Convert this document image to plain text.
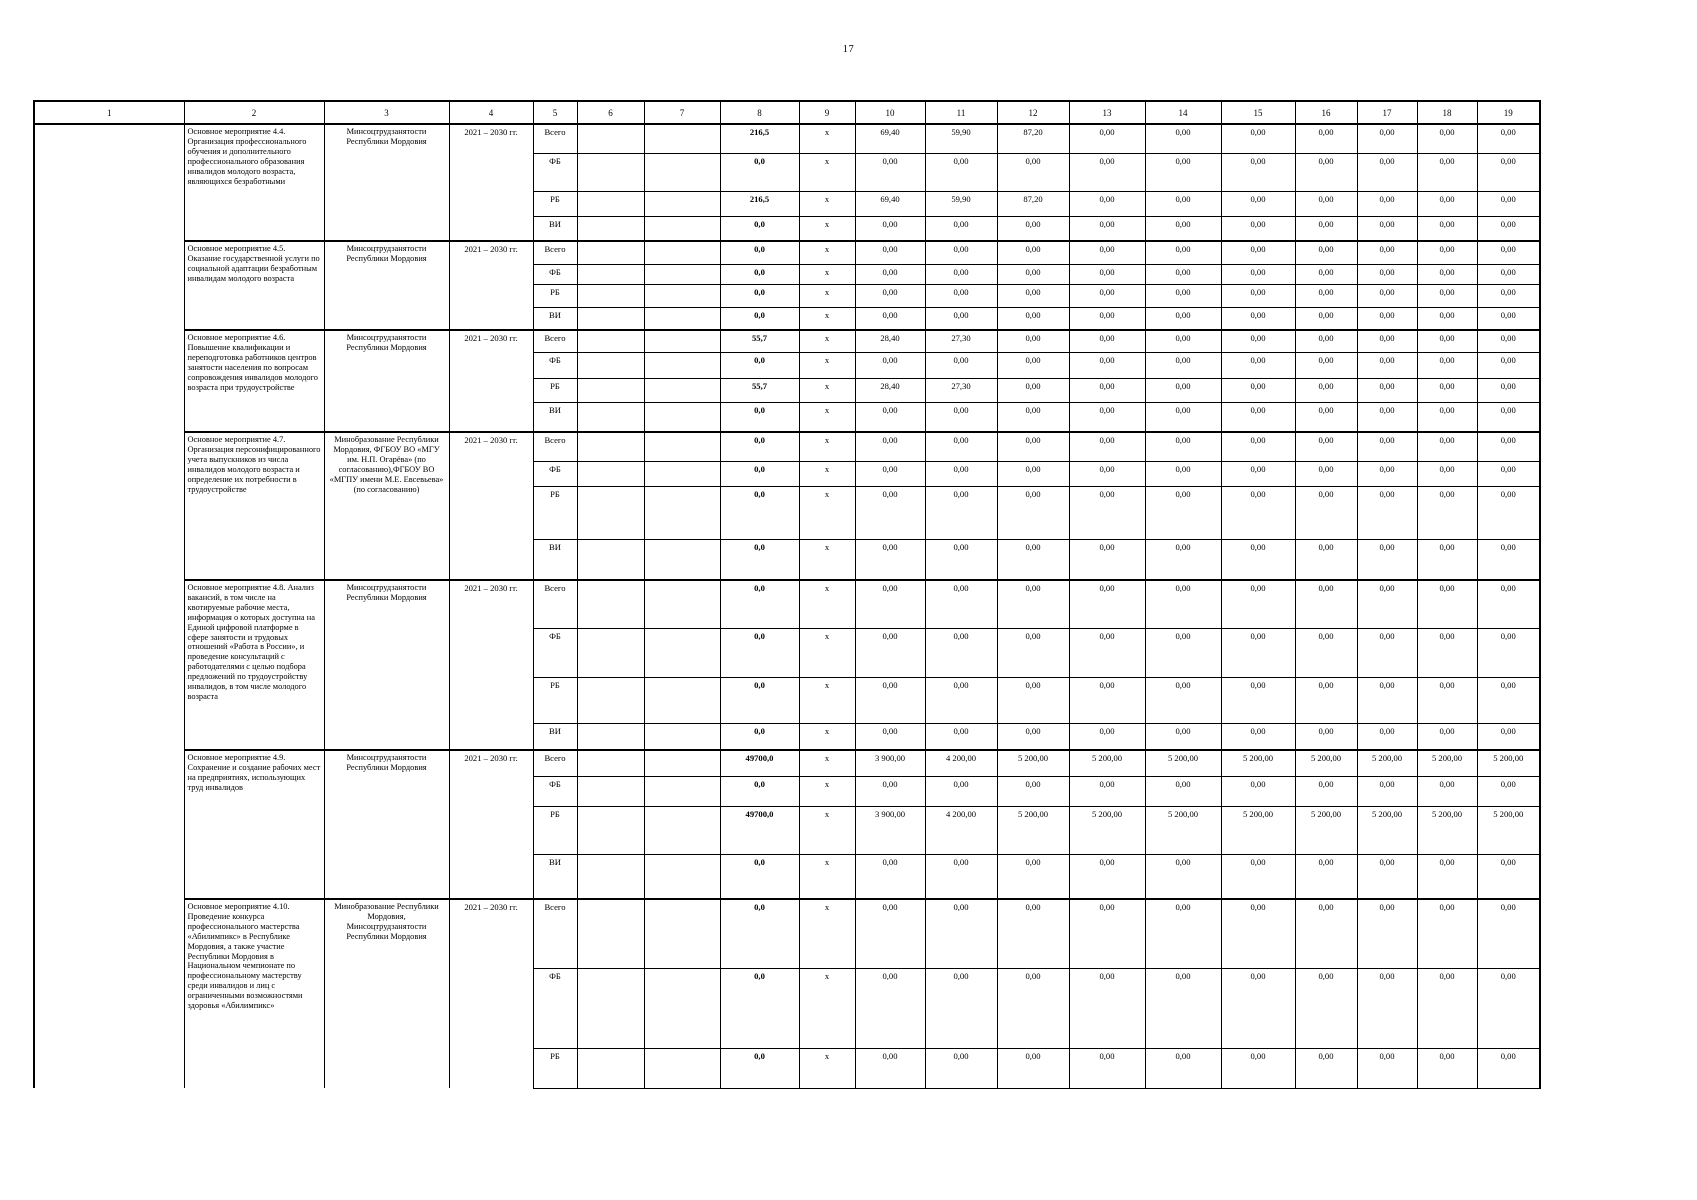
17
1	2	3	4	5	6	7	8	9	10	11	12	13	14	15	16	17	18	19
	Основное мероприятие 4.4. Организация профессионального обучения и дополнительного профессионального образования инвалидов молодого возраста, являющихся безработными	Минсоцтрудзанятости Республики Мордовия	2021 – 2030 гг.	Всего			216,5	x	69,40	59,90	87,20	0,00	0,00	0,00	0,00	0,00	0,00	0,00
				ФБ			0,0	x	0,00	0,00	0,00	0,00	0,00	0,00	0,00	0,00	0,00	0,00
				РБ			216,5	x	69,40	59,90	87,20	0,00	0,00	0,00	0,00	0,00	0,00	0,00
				ВИ			0,0	x	0,00	0,00	0,00	0,00	0,00	0,00	0,00	0,00	0,00	0,00
	Основное мероприятие 4.5. Оказание государственной услуги по социальной адаптации безработным инвалидам молодого возраста	Минсоцтрудзанятости Республики Мордовия	2021 – 2030 гг.	Всего			0,0	x	0,00	0,00	0,00	0,00	0,00	0,00	0,00	0,00	0,00	0,00
				ФБ			0,0	x	0,00	0,00	0,00	0,00	0,00	0,00	0,00	0,00	0,00	0,00
				РБ			0,0	x	0,00	0,00	0,00	0,00	0,00	0,00	0,00	0,00	0,00	0,00
				ВИ			0,0	x	0,00	0,00	0,00	0,00	0,00	0,00	0,00	0,00	0,00	0,00
	Основное мероприятие 4.6. Повышение квалификации и переподготовка работников центров занятости населения по вопросам сопровождения инвалидов молодого возраста при трудоустройстве	Минсоцтрудзанятости Республики Мордовия	2021 – 2030 гг.	Всего			55,7	x	28,40	27,30	0,00	0,00	0,00	0,00	0,00	0,00	0,00	0,00
				ФБ			0,0	x	0,00	0,00	0,00	0,00	0,00	0,00	0,00	0,00	0,00	0,00
				РБ			55,7	x	28,40	27,30	0,00	0,00	0,00	0,00	0,00	0,00	0,00	0,00
				ВИ			0,0	x	0,00	0,00	0,00	0,00	0,00	0,00	0,00	0,00	0,00	0,00
	Основное мероприятие 4.7. Организация персонифицированного учета выпускников из числа инвалидов молодого возраста и определение их потребности в трудоустройстве	Минобразование Республики Мордовия, ФГБОУ ВО «МГУ им. Н.П. Огарёва» (по согласованию),ФГБОУ ВО «МГПУ имени М.Е. Евсевьева» (по согласованию)	2021 – 2030 гг.	Всего			0,0	x	0,00	0,00	0,00	0,00	0,00	0,00	0,00	0,00	0,00	0,00
				ФБ			0,0	x	0,00	0,00	0,00	0,00	0,00	0,00	0,00	0,00	0,00	0,00
				РБ			0,0	x	0,00	0,00	0,00	0,00	0,00	0,00	0,00	0,00	0,00	0,00
				ВИ			0,0	x	0,00	0,00	0,00	0,00	0,00	0,00	0,00	0,00	0,00	0,00
	Основное мероприятие 4.8. Анализ вакансий, в том числе на квотируемые рабочие места, информация о которых доступна на Единой цифровой платформе в сфере занятости и трудовых отношений «Работа в России», и проведение консультаций с работодателями с целью подбора предложений по трудоустройству инвалидов, в том числе молодого возраста	Минсоцтрудзанятости Республики Мордовия	2021 – 2030 гг.	Всего			0,0	x	0,00	0,00	0,00	0,00	0,00	0,00	0,00	0,00	0,00	0,00
				ФБ			0,0	x	0,00	0,00	0,00	0,00	0,00	0,00	0,00	0,00	0,00	0,00
				РБ			0,0	x	0,00	0,00	0,00	0,00	0,00	0,00	0,00	0,00	0,00	0,00
				ВИ			0,0	x	0,00	0,00	0,00	0,00	0,00	0,00	0,00	0,00	0,00	0,00
	Основное мероприятие 4.9. Сохранение и создание рабочих мест на предприятиях, использующих труд инвалидов	Минсоцтрудзанятости Республики Мордовия	2021 – 2030 гг.	Всего			49700,0	x	3 900,00	4 200,00	5 200,00	5 200,00	5 200,00	5 200,00	5 200,00	5 200,00	5 200,00	5 200,00
				ФБ			0,0	x	0,00	0,00	0,00	0,00	0,00	0,00	0,00	0,00	0,00	0,00
				РБ			49700,0	x	3 900,00	4 200,00	5 200,00	5 200,00	5 200,00	5 200,00	5 200,00	5 200,00	5 200,00	5 200,00
				ВИ			0,0	x	0,00	0,00	0,00	0,00	0,00	0,00	0,00	0,00	0,00	0,00
	Основное мероприятие 4.10. Проведение конкурса профессионального мастерства «Абилимпикс» в Республике Мордовия, а также участие Республики Мордовия в Национальном чемпионате по профессиональному мастерству среди инвалидов и лиц с ограниченными возможностями здоровья «Абилимпикс»	Минобразование Республики Мордовия, Минсоцтрудзанятости Республики Мордовия	2021 – 2030 гг.	Всего			0,0	x	0,00	0,00	0,00	0,00	0,00	0,00	0,00	0,00	0,00	0,00
				ФБ			0,0	x	0,00	0,00	0,00	0,00	0,00	0,00	0,00	0,00	0,00	0,00
				РБ			0,0	x	0,00	0,00	0,00	0,00	0,00	0,00	0,00	0,00	0,00	0,00
